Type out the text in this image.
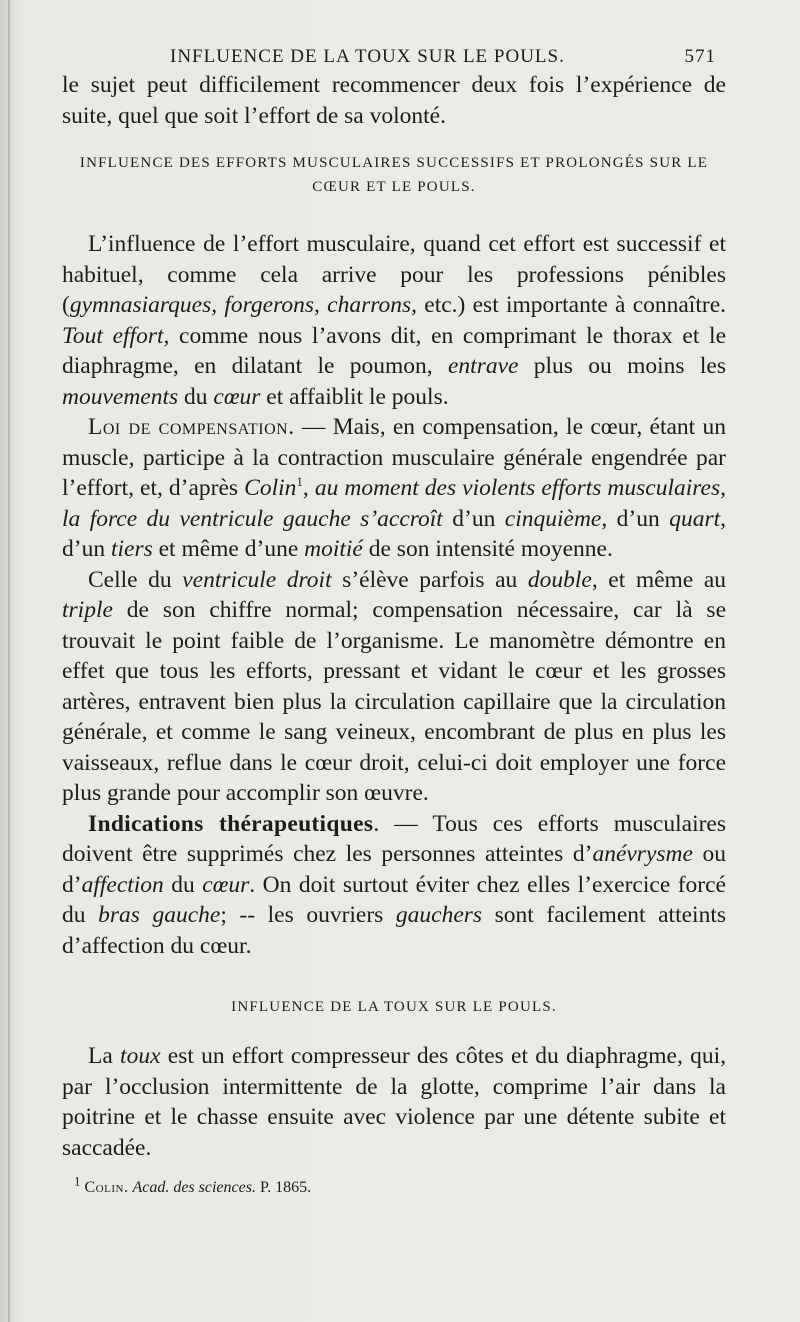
INFLUENCE DE LA TOUX SUR LE POULS.	571

le sujet peut difficilement recommencer deux fois l’expérience de suite, quel que soit l’effort de sa volonté.

INFLUENCE DES EFFORTS MUSCULAIRES SUCCESSIFS ET PROLONGÉS SUR LE CŒUR ET LE POULS.

L’influence de l’effort musculaire, quand cet effort est successif et habituel, comme cela arrive pour les professions pénibles (gymnasiarques, forgerons, charrons, etc.) est importante à connaître. Tout effort, comme nous l’avons dit, en comprimant le thorax et le diaphragme, en dilatant le poumon, entrave plus ou moins les mouvements du cœur et affaiblit le pouls.

Loi de compensation. — Mais, en compensation, le cœur, étant un muscle, participe à la contraction musculaire générale engendrée par l’effort, et, d’après Colin$^1$, au moment des violents efforts musculaires, la force du ventricule gauche s’accroît d’un cinquième, d’un quart, d’un tiers et même d’une moitié de son intensité moyenne.

Celle du ventricule droit s’élève parfois au double, et même au triple de son chiffre normal; compensation nécessaire, car là se trouvait le point faible de l’organisme. Le manomètre démontre en effet que tous les efforts, pressant et vidant le cœur et les grosses artères, entravent bien plus la circulation capillaire que la circulation générale, et comme le sang veineux, encombrant de plus en plus les vaisseaux, reflue dans le cœur droit, celui-ci doit employer une force plus grande pour accomplir son œuvre.

Indications thérapeutiques. — Tous ces efforts musculaires doivent être supprimés chez les personnes atteintes d’anévrysme ou d’affection du cœur. On doit surtout éviter chez elles l’exercice forcé du bras gauche; -- les ouvriers gauchers sont facilement atteints d’affection du cœur.

INFLUENCE DE LA TOUX SUR LE POULS.

La toux est un effort compresseur des côtes et du diaphragme, qui, par l’occlusion intermittente de la glotte, comprime l’air dans la poitrine et le chasse ensuite avec violence par une détente subite et saccadée.

$^1$ Colin. Acad. des sciences. P. 1865.
